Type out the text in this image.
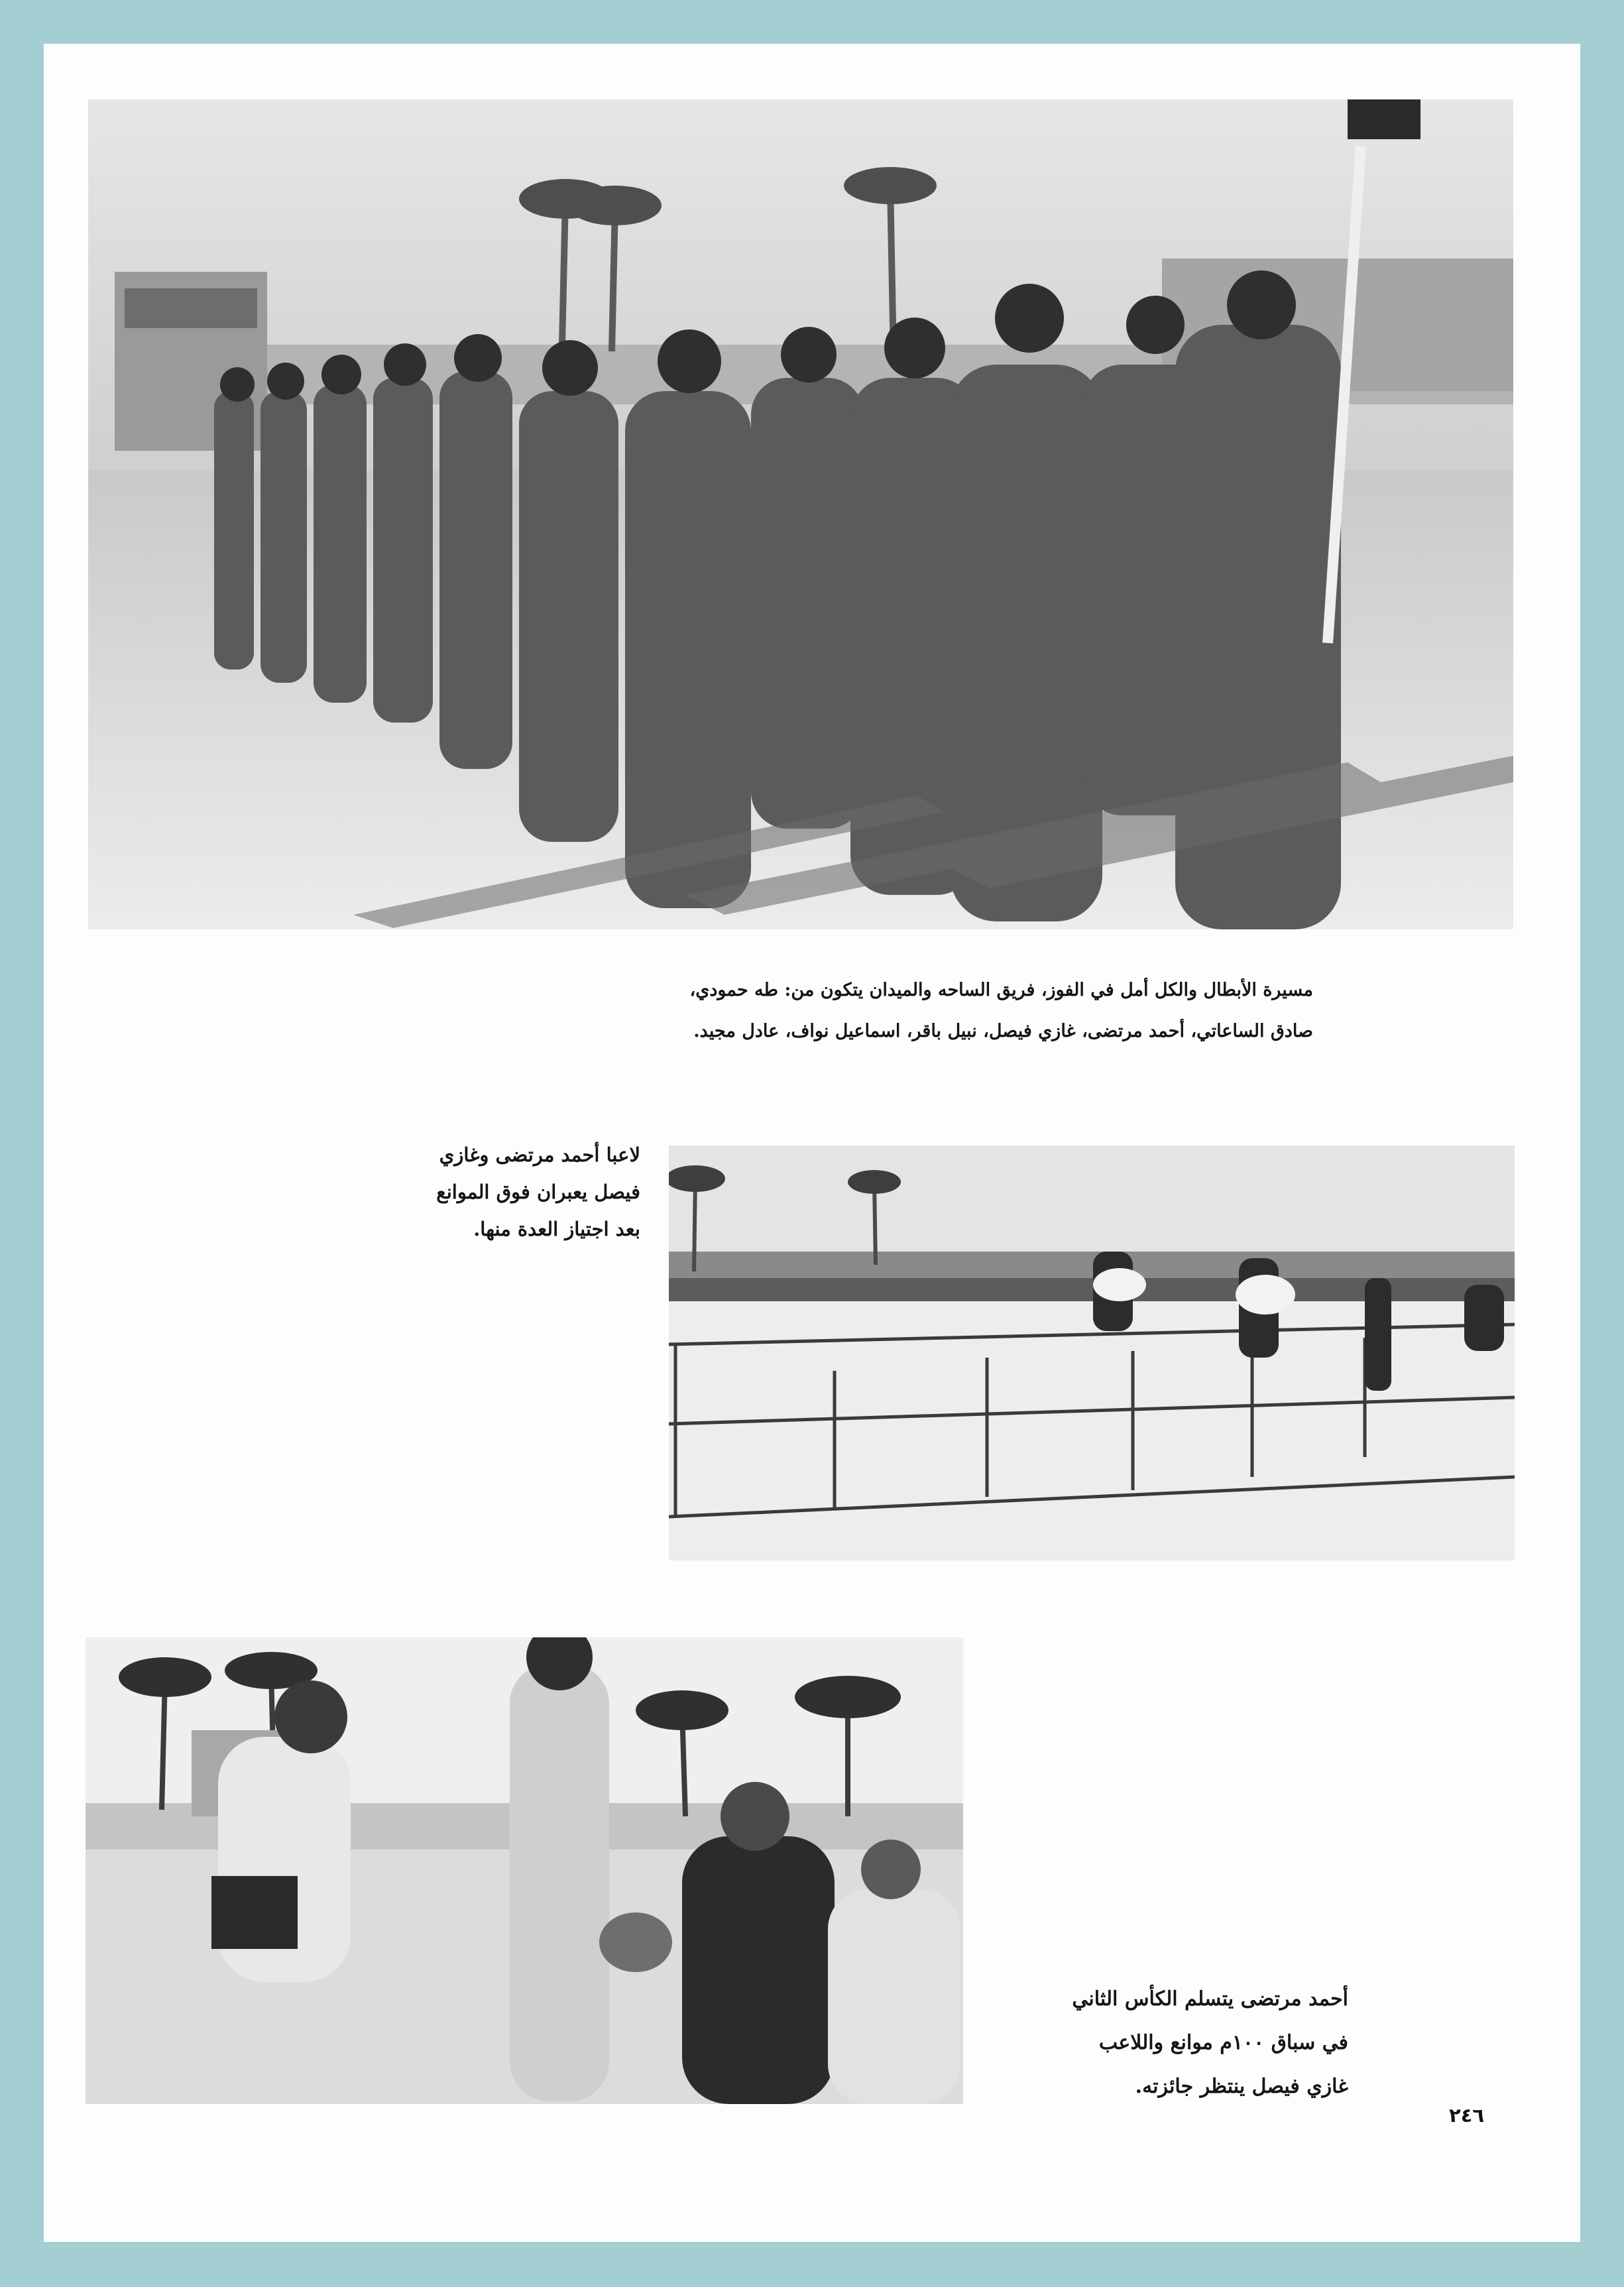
مسيرة الأبطال والكل أمل في الفوز، فريق الساحه والميدان يتكون من: طه حمودي،
صادق الساعاتي، أحمد مرتضى، غازي فيصل، نبيل باقر، اسماعيل نواف، عادل مجيد.
لاعبا أحمد مرتضى وغازي
فيصل يعبران فوق الموانع
بعد اجتياز العدة منها.
أحمد مرتضى يتسلم الكأس الثاني
في سباق ١٠٠م موانع واللاعب
غازي فيصل ينتظر جائزته.
٢٤٦
